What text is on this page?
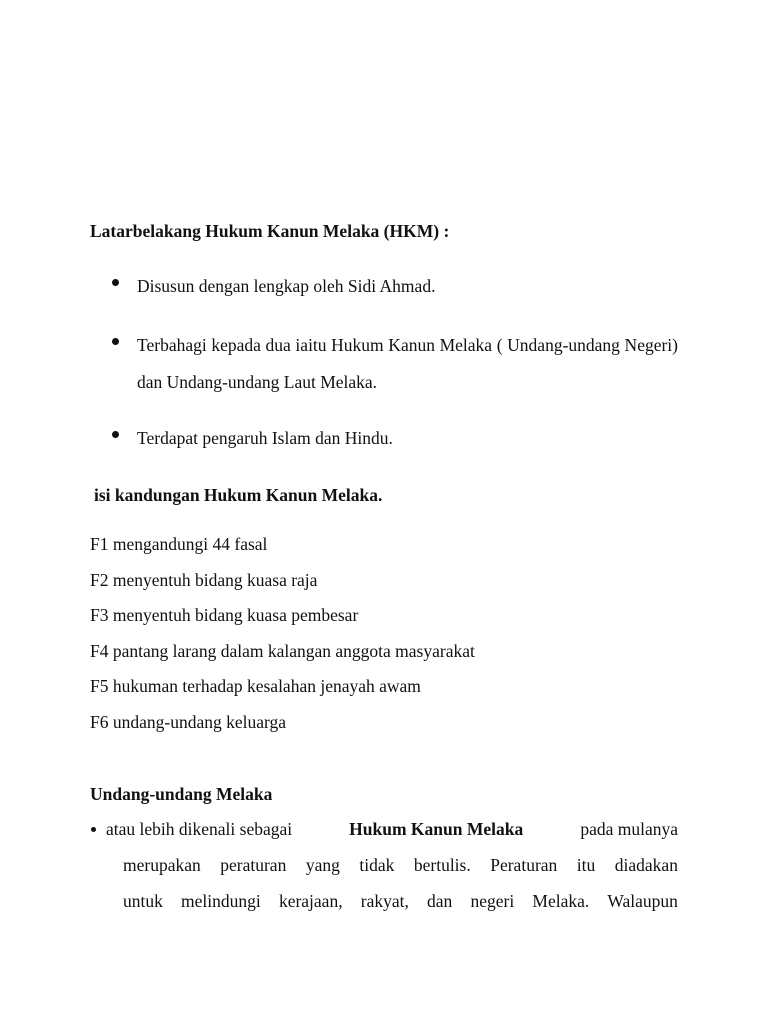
Latarbelakang Hukum Kanun Melaka (HKM) :
Disusun dengan lengkap oleh Sidi Ahmad.
Terbahagi kepada dua iaitu Hukum Kanun Melaka ( Undang-undang Negeri) dan Undang-undang Laut Melaka.
Terdapat pengaruh Islam dan Hindu.
isi kandungan Hukum Kanun Melaka.
F1 mengandungi 44 fasal
F2 menyentuh bidang kuasa raja
F3 menyentuh bidang kuasa pembesar
F4 pantang larang dalam kalangan anggota masyarakat
F5 hukuman terhadap kesalahan jenayah awam
F6 undang-undang keluarga
Undang-undang Melaka
atau lebih dikenali sebagai	Hukum Kanun Melaka	pada mulanya
merupakan peraturan yang tidak bertulis. Peraturan itu diadakan
untuk melindungi kerajaan, rakyat, dan negeri Melaka. Walaupun
